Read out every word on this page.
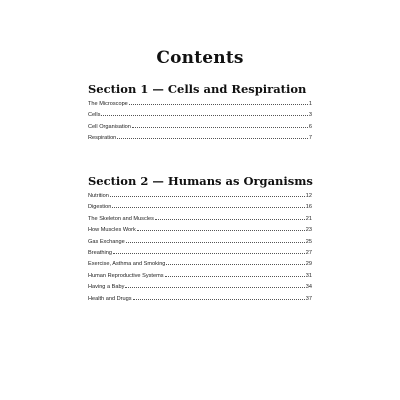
Contents
Section 1 — Cells and Respiration
The Microscope	1
Cells	3
Cell Organisation	6
Respiration	7
Section 2 — Humans as Organisms
Nutrition	12
Digestion	16
The Skeleton and Muscles	21
How Muscles Work	23
Gas Exchange	25
Breathing	27
Exercise, Asthma and Smoking	29
Human Reproductive Systems	31
Having a Baby	34
Health and Drugs	37
